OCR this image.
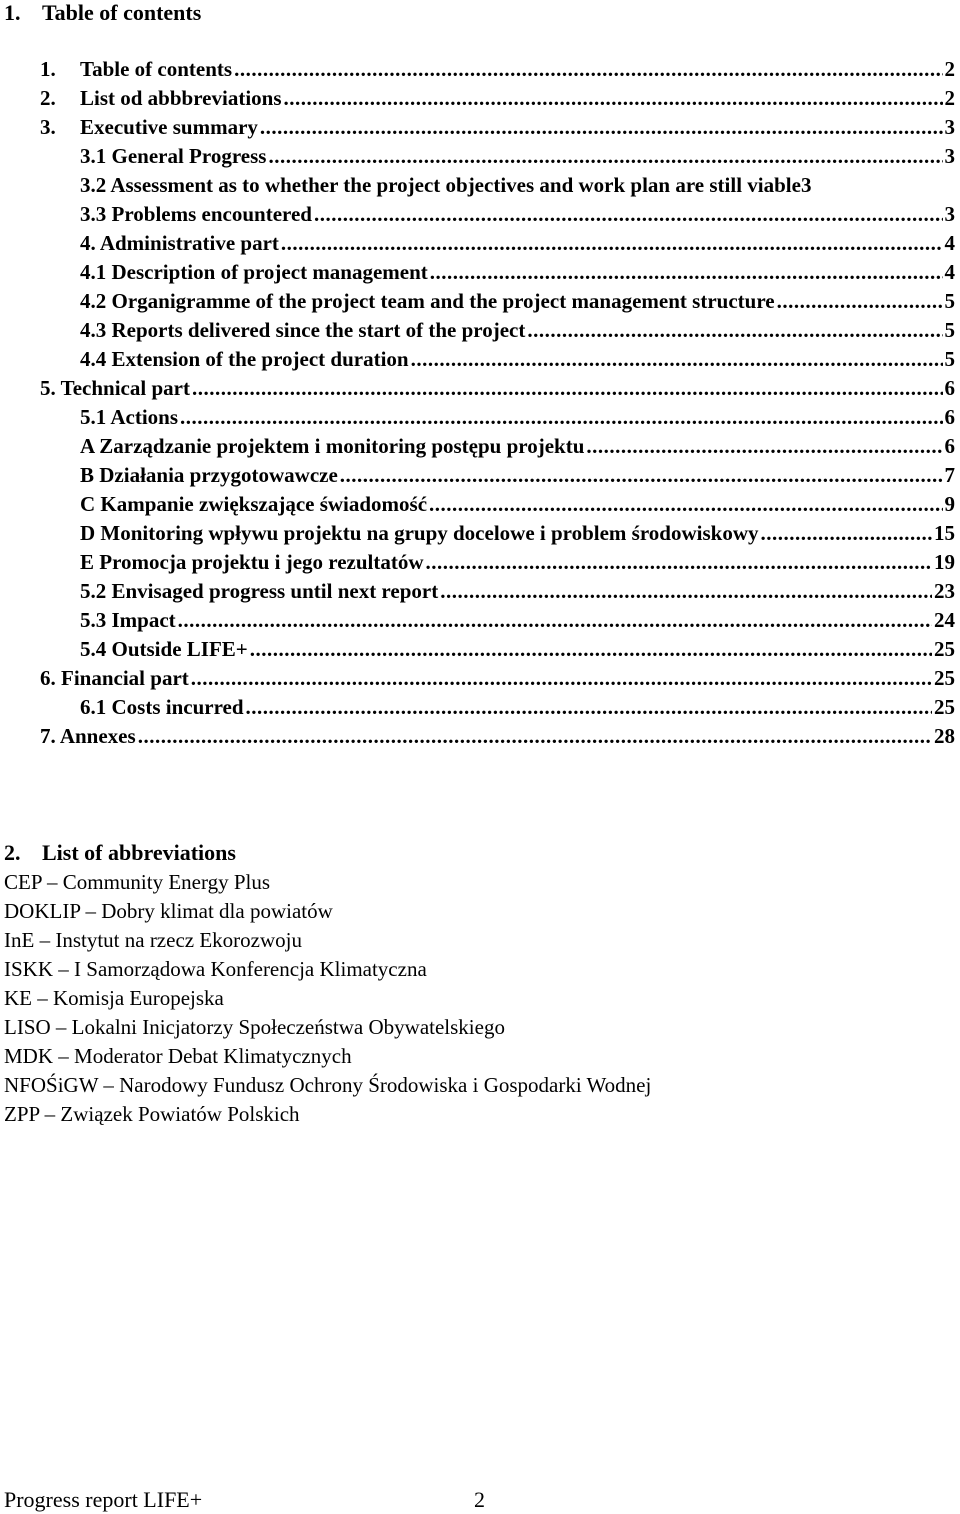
1. Table of contents
1.	Table of contents .....	2
2.	List od abbbreviations .....	2
3.	Executive summary .....	3
3.1 General Progress .....	3
3.2 Assessment as to whether the project objectives and work plan are still viable 3
3.3 Problems encountered .....	3
4. Administrative part .....	4
4.1 Description of project management .....	4
4.2 Organigramme of the project team and the project management structure .....	5
4.3 Reports delivered since the start of the project .....	5
4.4 Extension of the project duration .....	5
5. Technical part .....	6
5.1 Actions .....	6
A Zarządzanie projektem i monitoring postępu projektu .....	6
B Działania przygotowawcze .....	7
C Kampanie zwiększające świadomość .....	9
D Monitoring wpływu projektu na grupy docelowe i problem środowiskowy .....	15
E Promocja projektu i jego rezultatów .....	19
5.2 Envisaged progress until next report .....	23
5.3 Impact .....	24
5.4 Outside LIFE+ .....	25
6. Financial part .....	25
6.1 Costs incurred .....	25
7. Annexes .....	28
2. List of abbreviations
CEP – Community Energy Plus
DOKLIP – Dobry klimat dla powiatów
InE – Instytut na rzecz Ekorozwoju
ISKK – I Samorządowa Konferencja Klimatyczna
KE – Komisja Europejska
LISO – Lokalni Inicjatorzy Społeczeństwa Obywatelskiego
MDK – Moderator Debat Klimatycznych
NFOŚiGW – Narodowy Fundusz Ochrony Środowiska i Gospodarki Wodnej
ZPP – Związek Powiatów Polskich
Progress report LIFE+	2
